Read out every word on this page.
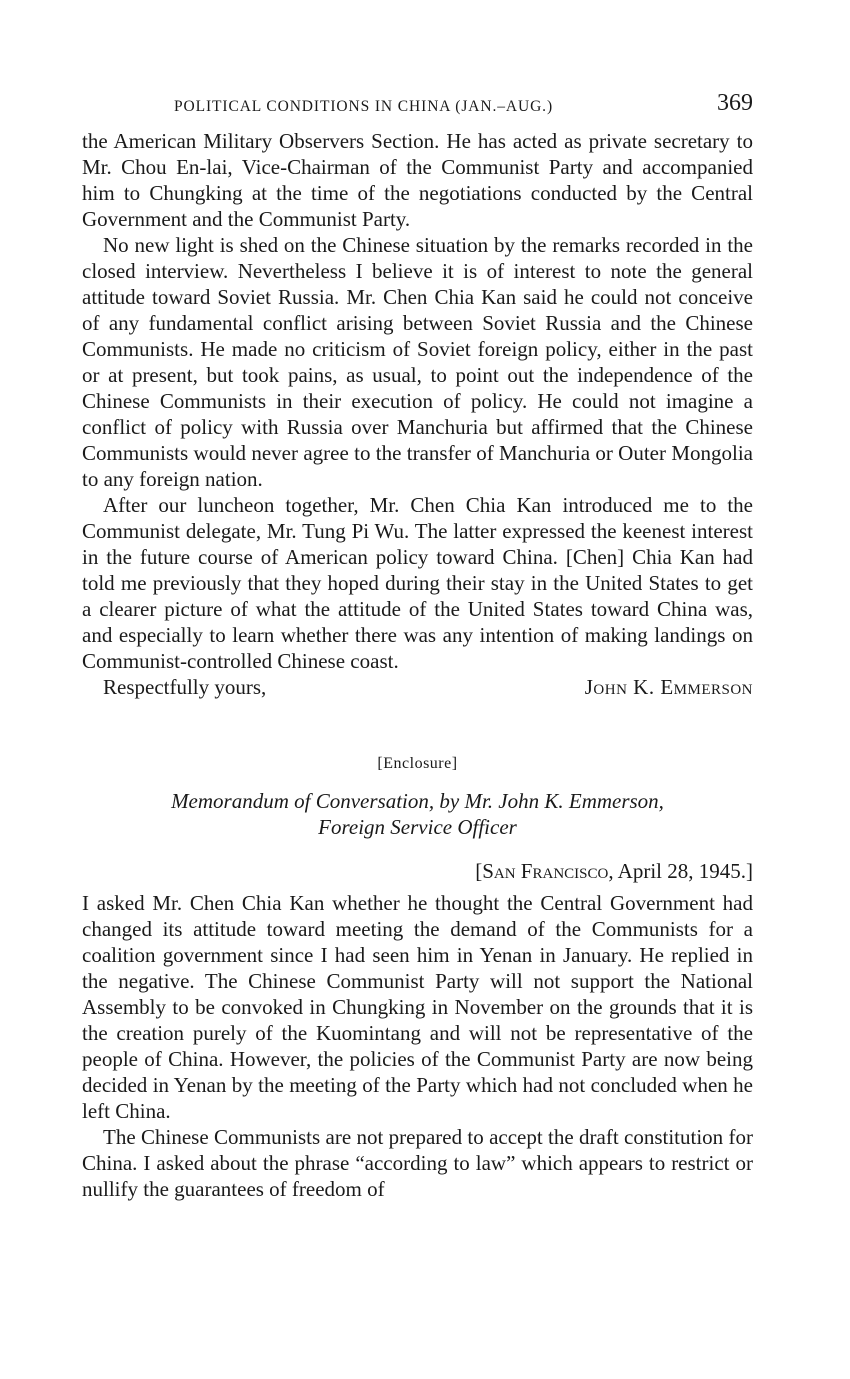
POLITICAL CONDITIONS IN CHINA (JAN.–AUG.)	369

the American Military Observers Section. He has acted as private secretary to Mr. Chou En-lai, Vice-Chairman of the Communist Party and accompanied him to Chungking at the time of the negotiations conducted by the Central Government and the Communist Party.

No new light is shed on the Chinese situation by the remarks recorded in the closed interview. Nevertheless I believe it is of interest to note the general attitude toward Soviet Russia. Mr. Chen Chia Kan said he could not conceive of any fundamental conflict arising between Soviet Russia and the Chinese Communists. He made no criticism of Soviet foreign policy, either in the past or at present, but took pains, as usual, to point out the independence of the Chinese Communists in their execution of policy. He could not imagine a conflict of policy with Russia over Manchuria but affirmed that the Chinese Communists would never agree to the transfer of Manchuria or Outer Mongolia to any foreign nation.

After our luncheon together, Mr. Chen Chia Kan introduced me to the Communist delegate, Mr. Tung Pi Wu. The latter expressed the keenest interest in the future course of American policy toward China. [Chen] Chia Kan had told me previously that they hoped during their stay in the United States to get a clearer picture of what the attitude of the United States toward China was, and especially to learn whether there was any intention of making landings on Communist-controlled Chinese coast.

Respectfully yours,	John K. Emmerson
[Enclosure]
Memorandum of Conversation, by Mr. John K. Emmerson,
Foreign Service Officer
[San Francisco, April 28, 1945.]

I asked Mr. Chen Chia Kan whether he thought the Central Government had changed its attitude toward meeting the demand of the Communists for a coalition government since I had seen him in Yenan in January. He replied in the negative. The Chinese Communist Party will not support the National Assembly to be convoked in Chungking in November on the grounds that it is the creation purely of the Kuomintang and will not be representative of the people of China. However, the policies of the Communist Party are now being decided in Yenan by the meeting of the Party which had not concluded when he left China.

The Chinese Communists are not prepared to accept the draft constitution for China. I asked about the phrase “according to law” which appears to restrict or nullify the guarantees of freedom of
